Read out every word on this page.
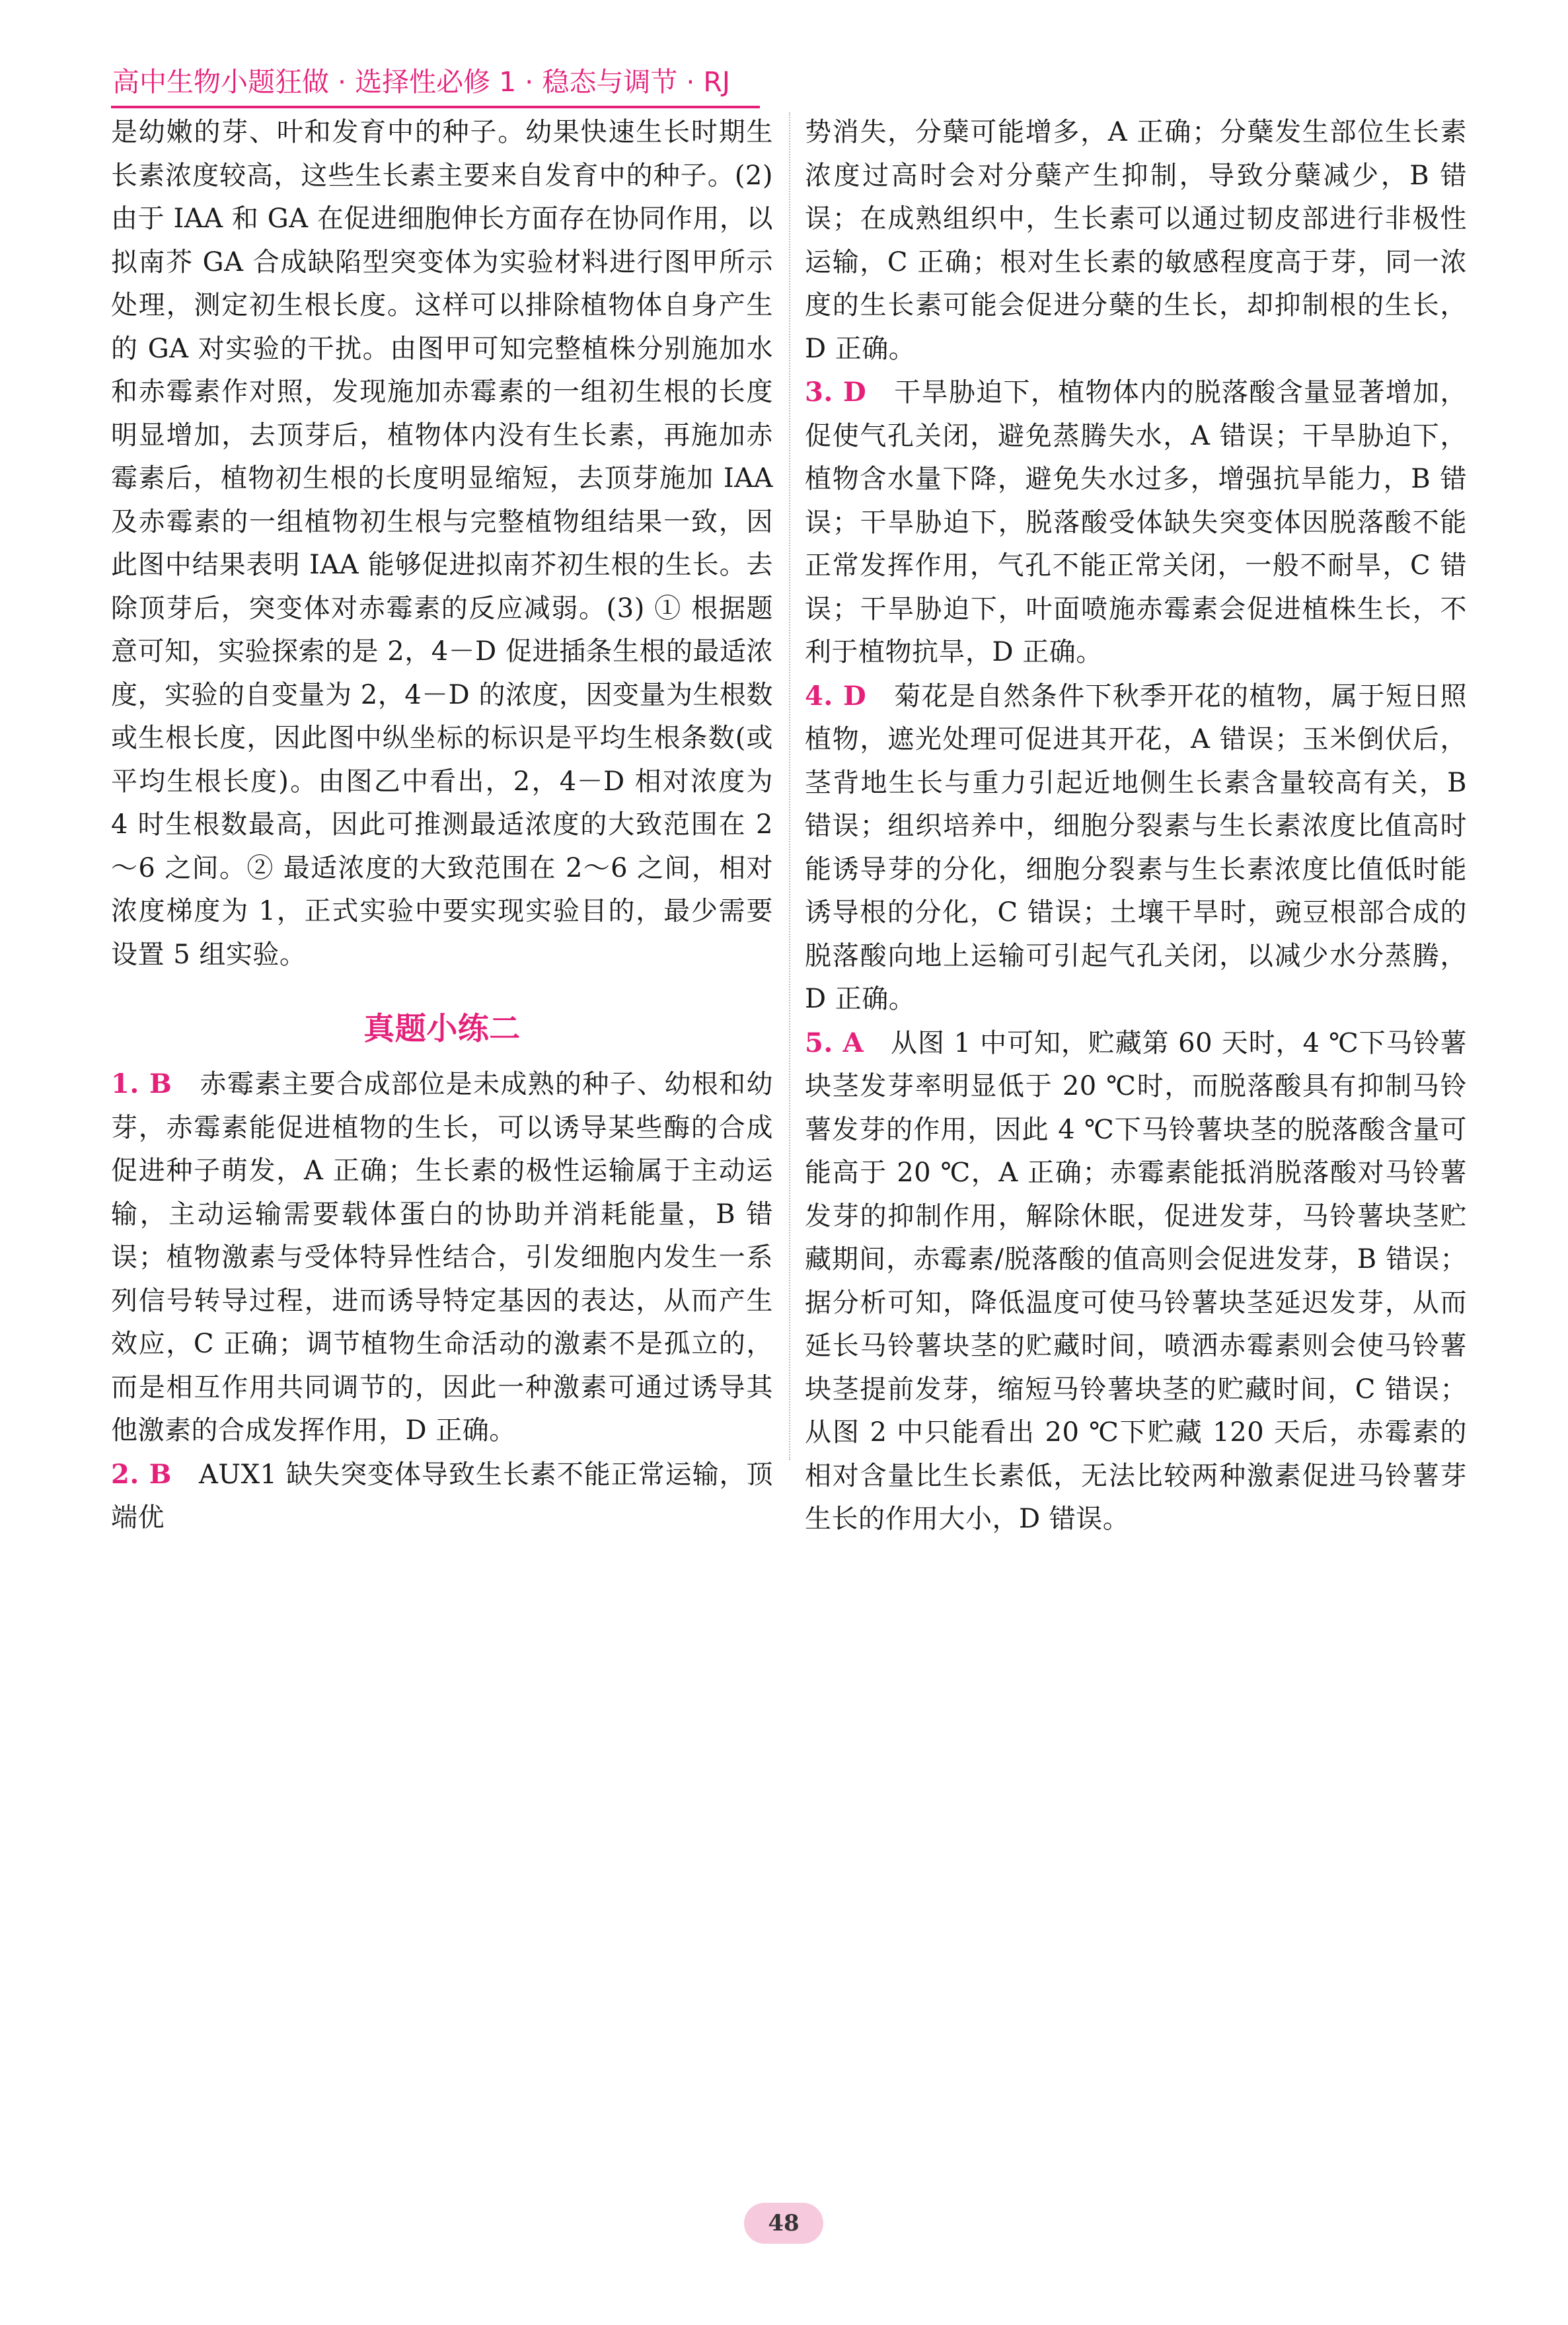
高中生物小题狂做 · 选择性必修 1 · 稳态与调节 · RJ

是幼嫩的芽、叶和发育中的种子。幼果快速生长时期生长素浓度较高，这些生长素主要来自发育中的种子。(2) 由于 IAA 和 GA 在促进细胞伸长方面存在协同作用，以拟南芥 GA 合成缺陷型突变体为实验材料进行图甲所示处理，测定初生根长度。这样可以排除植物体自身产生的 GA 对实验的干扰。由图甲可知完整植株分别施加水和赤霉素作对照，发现施加赤霉素的一组初生根的长度明显增加，去顶芽后，植物体内没有生长素，再施加赤霉素后，植物初生根的长度明显缩短，去顶芽施加 IAA 及赤霉素的一组植物初生根与完整植物组结果一致，因此图中结果表明 IAA 能够促进拟南芥初生根的生长。去除顶芽后，突变体对赤霉素的反应减弱。(3) ① 根据题意可知，实验探索的是 2，4－D 促进插条生根的最适浓度，实验的自变量为 2，4－D 的浓度，因变量为生根数或生根长度，因此图中纵坐标的标识是平均生根条数(或平均生根长度)。由图乙中看出，2，4－D 相对浓度为 4 时生根数最高，因此可推测最适浓度的大致范围在 2～6 之间。② 最适浓度的大致范围在 2～6 之间，相对浓度梯度为 1，正式实验中要实现实验目的，最少需要设置 5 组实验。

真题小练二

1. B 赤霉素主要合成部位是未成熟的种子、幼根和幼芽，赤霉素能促进植物的生长，可以诱导某些酶的合成促进种子萌发，A 正确；生长素的极性运输属于主动运输，主动运输需要载体蛋白的协助并消耗能量，B 错误；植物激素与受体特异性结合，引发细胞内发生一系列信号转导过程，进而诱导特定基因的表达，从而产生效应，C 正确；调节植物生命活动的激素不是孤立的，而是相互作用共同调节的，因此一种激素可通过诱导其他激素的合成发挥作用，D 正确。

2. B AUX1 缺失突变体导致生长素不能正常运输，顶端优

势消失，分蘖可能增多，A 正确；分蘖发生部位生长素浓度过高时会对分蘖产生抑制，导致分蘖减少，B 错误；在成熟组织中，生长素可以通过韧皮部进行非极性运输，C 正确；根对生长素的敏感程度高于芽，同一浓度的生长素可能会促进分蘖的生长，却抑制根的生长，D 正确。

3. D 干旱胁迫下，植物体内的脱落酸含量显著增加，促使气孔关闭，避免蒸腾失水，A 错误；干旱胁迫下，植物含水量下降，避免失水过多，增强抗旱能力，B 错误；干旱胁迫下，脱落酸受体缺失突变体因脱落酸不能正常发挥作用，气孔不能正常关闭，一般不耐旱，C 错误；干旱胁迫下，叶面喷施赤霉素会促进植株生长，不利于植物抗旱，D 正确。

4. D 菊花是自然条件下秋季开花的植物，属于短日照植物，遮光处理可促进其开花，A 错误；玉米倒伏后，茎背地生长与重力引起近地侧生长素含量较高有关，B 错误；组织培养中，细胞分裂素与生长素浓度比值高时能诱导芽的分化，细胞分裂素与生长素浓度比值低时能诱导根的分化，C 错误；土壤干旱时，豌豆根部合成的脱落酸向地上运输可引起气孔关闭，以减少水分蒸腾，D 正确。

5. A 从图 1 中可知，贮藏第 60 天时，4 ℃下马铃薯块茎发芽率明显低于 20 ℃时，而脱落酸具有抑制马铃薯发芽的作用，因此 4 ℃下马铃薯块茎的脱落酸含量可能高于 20 ℃，A 正确；赤霉素能抵消脱落酸对马铃薯发芽的抑制作用，解除休眠，促进发芽，马铃薯块茎贮藏期间，赤霉素/脱落酸的值高则会促进发芽，B 错误；据分析可知，降低温度可使马铃薯块茎延迟发芽，从而延长马铃薯块茎的贮藏时间，喷洒赤霉素则会使马铃薯块茎提前发芽，缩短马铃薯块茎的贮藏时间，C 错误；从图 2 中只能看出 20 ℃下贮藏 120 天后，赤霉素的相对含量比生长素低，无法比较两种激素促进马铃薯芽生长的作用大小，D 错误。

48
